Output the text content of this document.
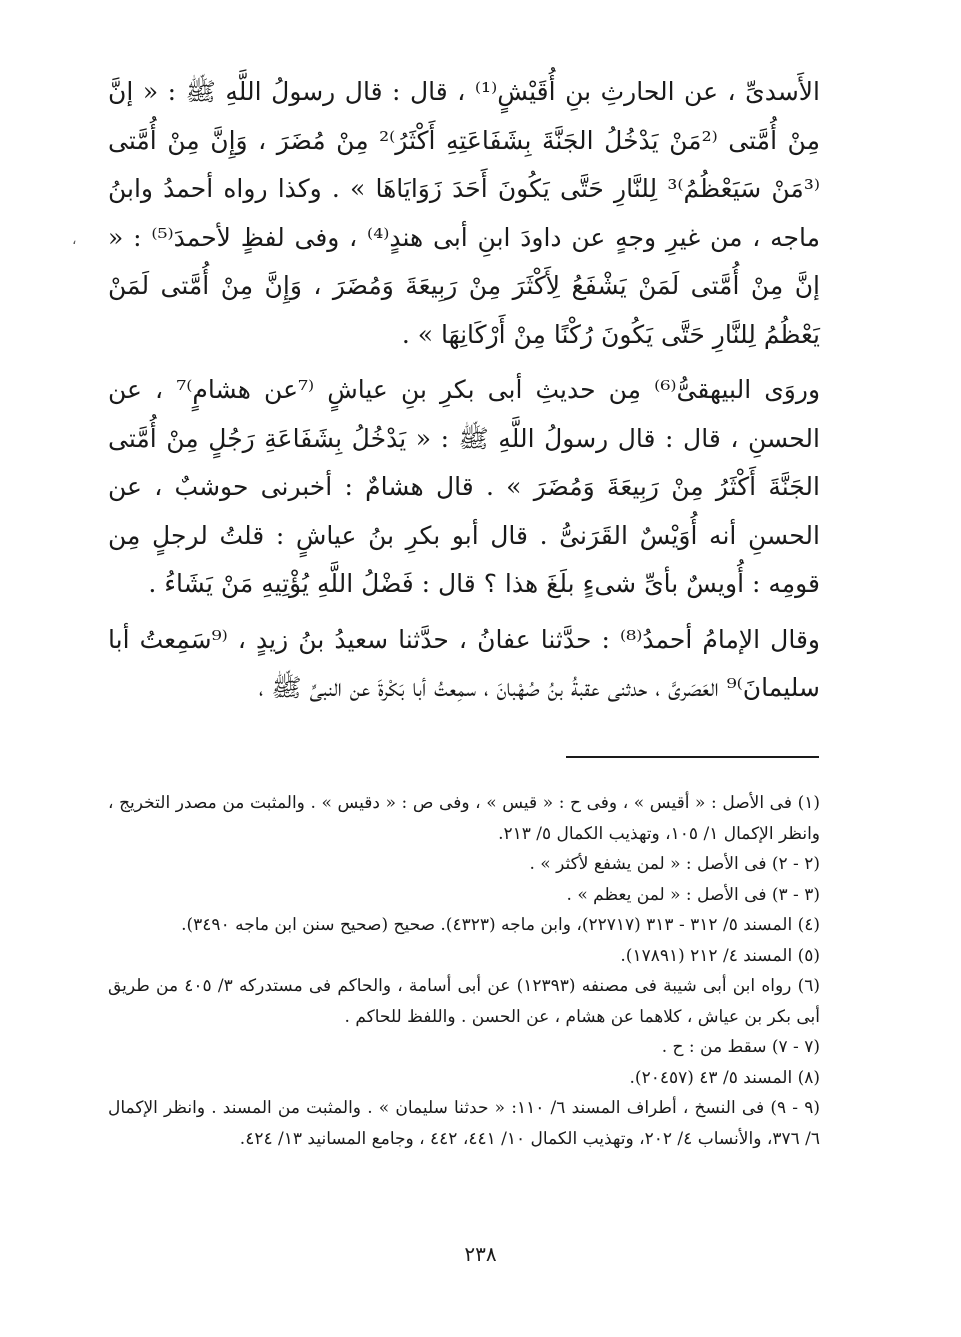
الأَسدىِّ ، عن الحارثِ بنِ أُقَيْشٍ⁽¹⁾ ، قال : قال رسولُ اللَّهِ ﷺ : « إنَّ مِنْ أُمَّتى ⁽²مَنْ يَدْخُلُ الجَنَّةَ بِشَفَاعَتِهِ أَكْثَرُ⁾² مِنْ مُضَرَ ، وَإِنَّ مِنْ أُمَّتى ⁽³مَنْ سَيَعْظُمُ⁾³ لِلنَّارِ حَتَّى يَكُونَ أَحَدَ زَوَايَاهَا » . وكذا رواه أحمدُ وابنُ ماجه ، من غيرِ وجهٍ عن داودَ ابنِ أبى هندٍ⁽⁴⁾ ، وفى لفظٍ لأحمدَ⁽⁵⁾ : « إنَّ مِنْ أُمَّتى لَمَنْ يَشْفَعُ لِأَكْثَرَ مِنْ رَبِيعَةَ وَمُضَرَ ، وَإِنَّ مِنْ أُمَّتى لَمَنْ يَعْظُمُ لِلنَّارِ حَتَّى يَكُونَ رُكْنًا مِنْ أَرْكَانِهَا » .

وروَى البيهقىُّ⁽⁶⁾ مِن حديثِ أبى بكرِ بنِ عياشٍ ⁽⁷عن هشامٍ⁾⁷ ، عن الحسنِ ، قال : قال رسولُ اللَّهِ ﷺ : « يَدْخُلُ بِشَفَاعَةِ رَجُلٍ مِنْ أُمَّتى الجَنَّةَ أَكْثَرُ مِنْ رَبِيعَةَ وَمُضَرَ » . قال هشامٌ : أخبرنى حوشبٌ ، عن الحسنِ أنه أُوَيْسٌ القَرَنىُّ . قال أبو بكرِ بنُ عياشٍ : قلتُ لرجلٍ مِن قومِه : أُويسٌ بأىِّ شىءٍ بلَغَ هذا ؟ قال : فَضْلُ اللَّهِ يُؤْتِيهِ مَنْ يَشَاءُ .

وقال الإمامُ أحمدُ⁽⁸⁾ : حدَّثنا عفانُ ، حدَّثنا سعيدُ بنُ زيدٍ ، ⁽⁹سَمِعتُ أبا سليمانَ⁾⁹ العَصَرىَّ ، حدثنى عقبةُ بنُ صُهْبانَ ، سمِعتُ أبا بَكْرةَ عن النبىِّ ﷺ ،

،

(١) فى الأصل : « أقيس » ، وفى ح : « قيس » ، وفى ص : « دقيس » . والمثبت من مصدر التخريج ، وانظر الإكمال ١/ ١٠٥، وتهذيب الكمال ٥/ ٢١٣.

(٢ - ٢) فى الأصل : « لمن يشفع لأكثر » .

(٣ - ٣) فى الأصل : « لمن يعظم » .

(٤) المسند ٥/ ٣١٢ - ٣١٣ (٢٢٧١٧)، وابن ماجه (٤٣٢٣). صحيح (صحيح سنن ابن ماجه ٣٤٩٠).

(٥) المسند ٤/ ٢١٢ (١٧٨٩١).

(٦) رواه ابن أبى شيبة فى مصنفه (١٢٣٩٣) عن أبى أسامة ، والحاكم فى مستدركه ٣/ ٤٠٥ من طريق أبى بكر بن عياش ، كلاهما عن هشام ، عن الحسن . واللفظ للحاكم .

(٧ - ٧) سقط من : ح .

(٨) المسند ٥/ ٤٣ (٢٠٤٥٧).

(٩ - ٩) فى النسخ ، أطراف المسند ٦/ ١١٠: « حدثنا سليمان » . والمثبت من المسند . وانظر الإكمال ٦/ ٣٧٦، والأنساب ٤/ ٢٠٢، وتهذيب الكمال ١٠/ ٤٤١، ٤٤٢ ، وجامع المسانيد ١٣/ ٤٢٤.

٢٣٨
